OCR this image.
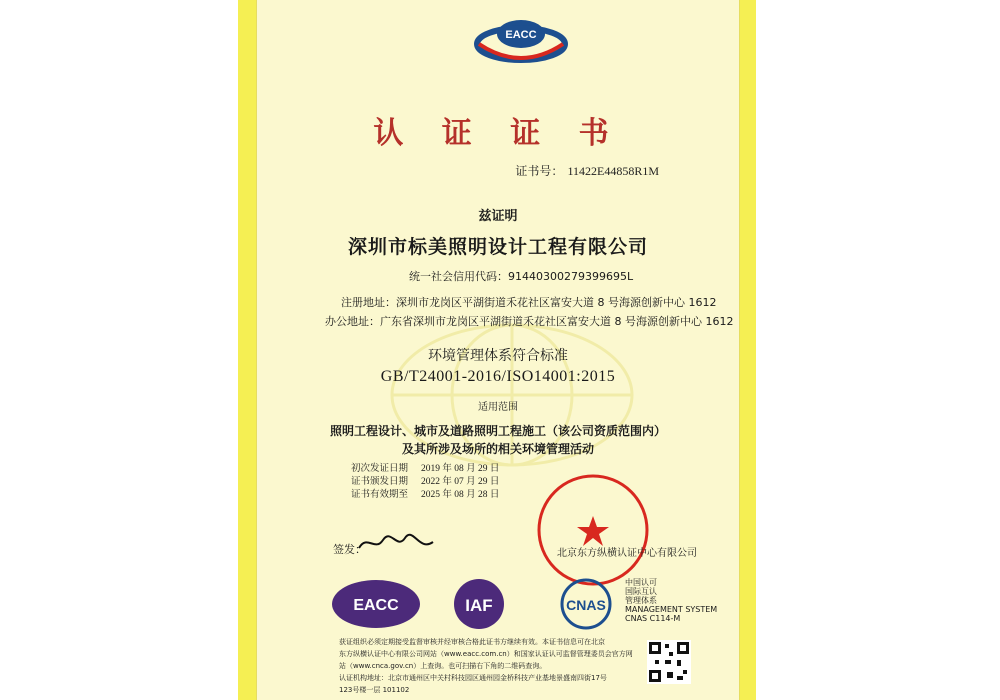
EACC
认 证 证 书
证书号： 11422E44858R1M
兹证明
深圳市标美照明设计工程有限公司
统一社会信用代码：91440300279399695L
注册地址：深圳市龙岗区平湖街道禾花社区富安大道 8 号海源创新中心 1612
办公地址：广东省深圳市龙岗区平湖街道禾花社区富安大道 8 号海源创新中心 1612
环境管理体系符合标准
GB/T24001-2016/ISO14001:2015
适用范围
照明工程设计、城市及道路照明工程施工（该公司资质范围内）
及其所涉及场所的相关环境管理活动
初次发证日期	2019 年 08 月 29 日
证书颁发日期	2022 年 07 月 29 日
证书有效期至	2025 年 08 月 28 日
签发：	北京东方纵横认证中心有限公司
EACC	IAF	CNAS
中国认可
国际互认
管理体系
MANAGEMENT SYSTEM
CNAS C114-M
获证组织必须定期接受监督审核并经审核合格此证书方继续有效。本证书信息可在北京
东方纵横认证中心有限公司网站（www.eacc.com.cn）和国家认证认可监督管理委员会官方网
站（www.cnca.gov.cn）上查询。也可扫描右下角的二维码查询。
认证机构地址：北京市通州区中关村科技园区通州园金桥科技产业基地景盛南四街17号
123号楼一层 101102
